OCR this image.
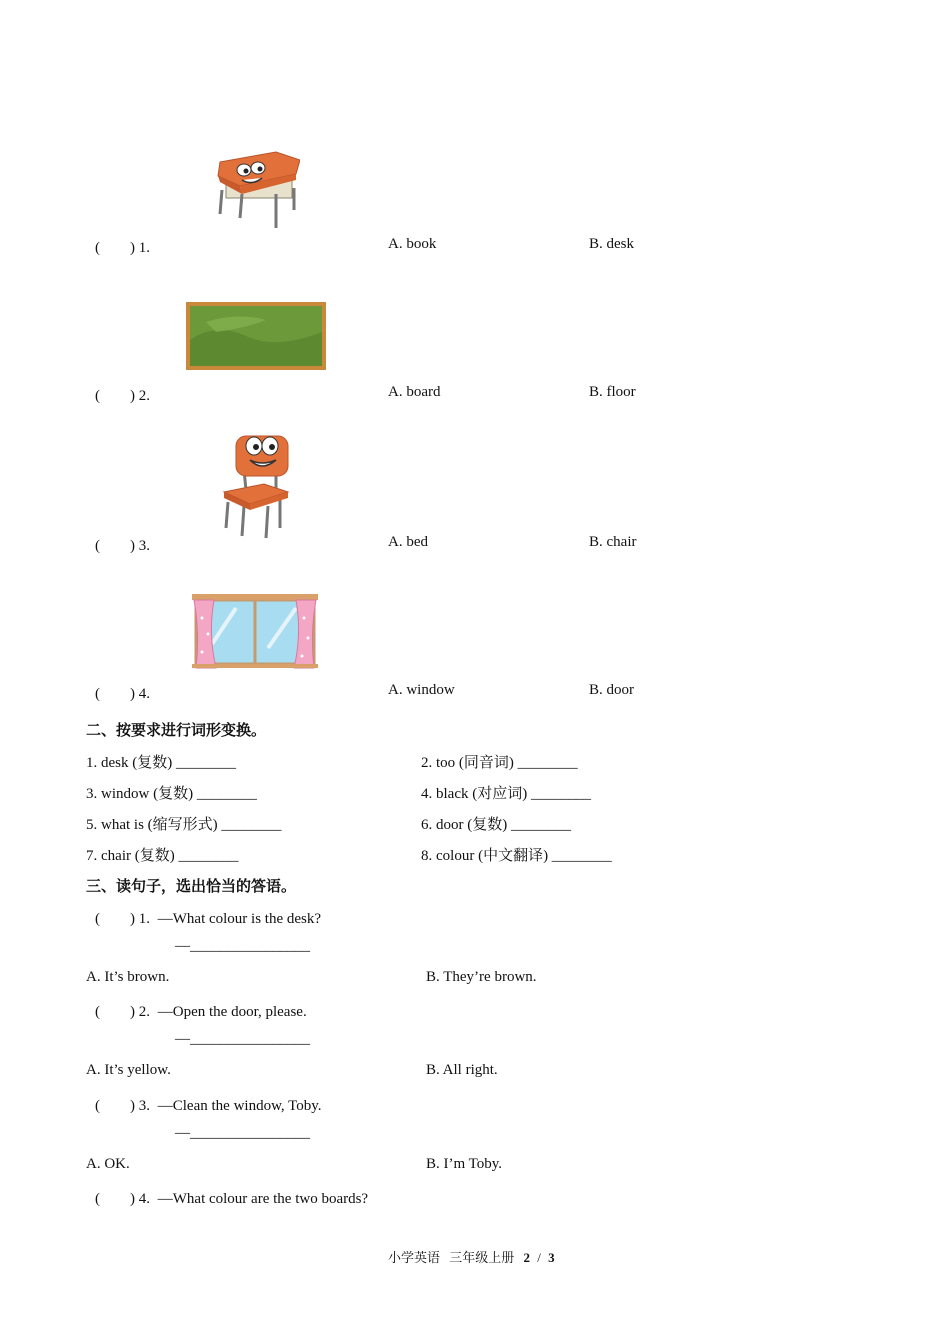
(　　) 1.	A. book	B. desk
(　　) 2.	A. board	B. floor
(　　) 3.	A. bed	B. chair
(　　) 4.	A. window	B. door
二、按要求进行词形变换。
1. desk (复数) ________	2. too (同音词) ________
3. window (复数) ________	4. black (对应词) ________
5. what is (缩写形式) ________	6. door (复数) ________
7. chair (复数) ________	8. colour (中文翻译) ________
三、读句子，选出恰当的答语。
(　　) 1. —What colour is the desk?
—________________
A. It’s brown.	B. They’re brown.
(　　) 2. —Open the door, please.
—________________
A. It’s yellow.	B. All right.
(　　) 3. —Clean the window, Toby.
—________________
A. OK.	B. I’m Toby.
(　　) 4. —What colour are the two boards?
小学英语 三年级上册 2 / 3
